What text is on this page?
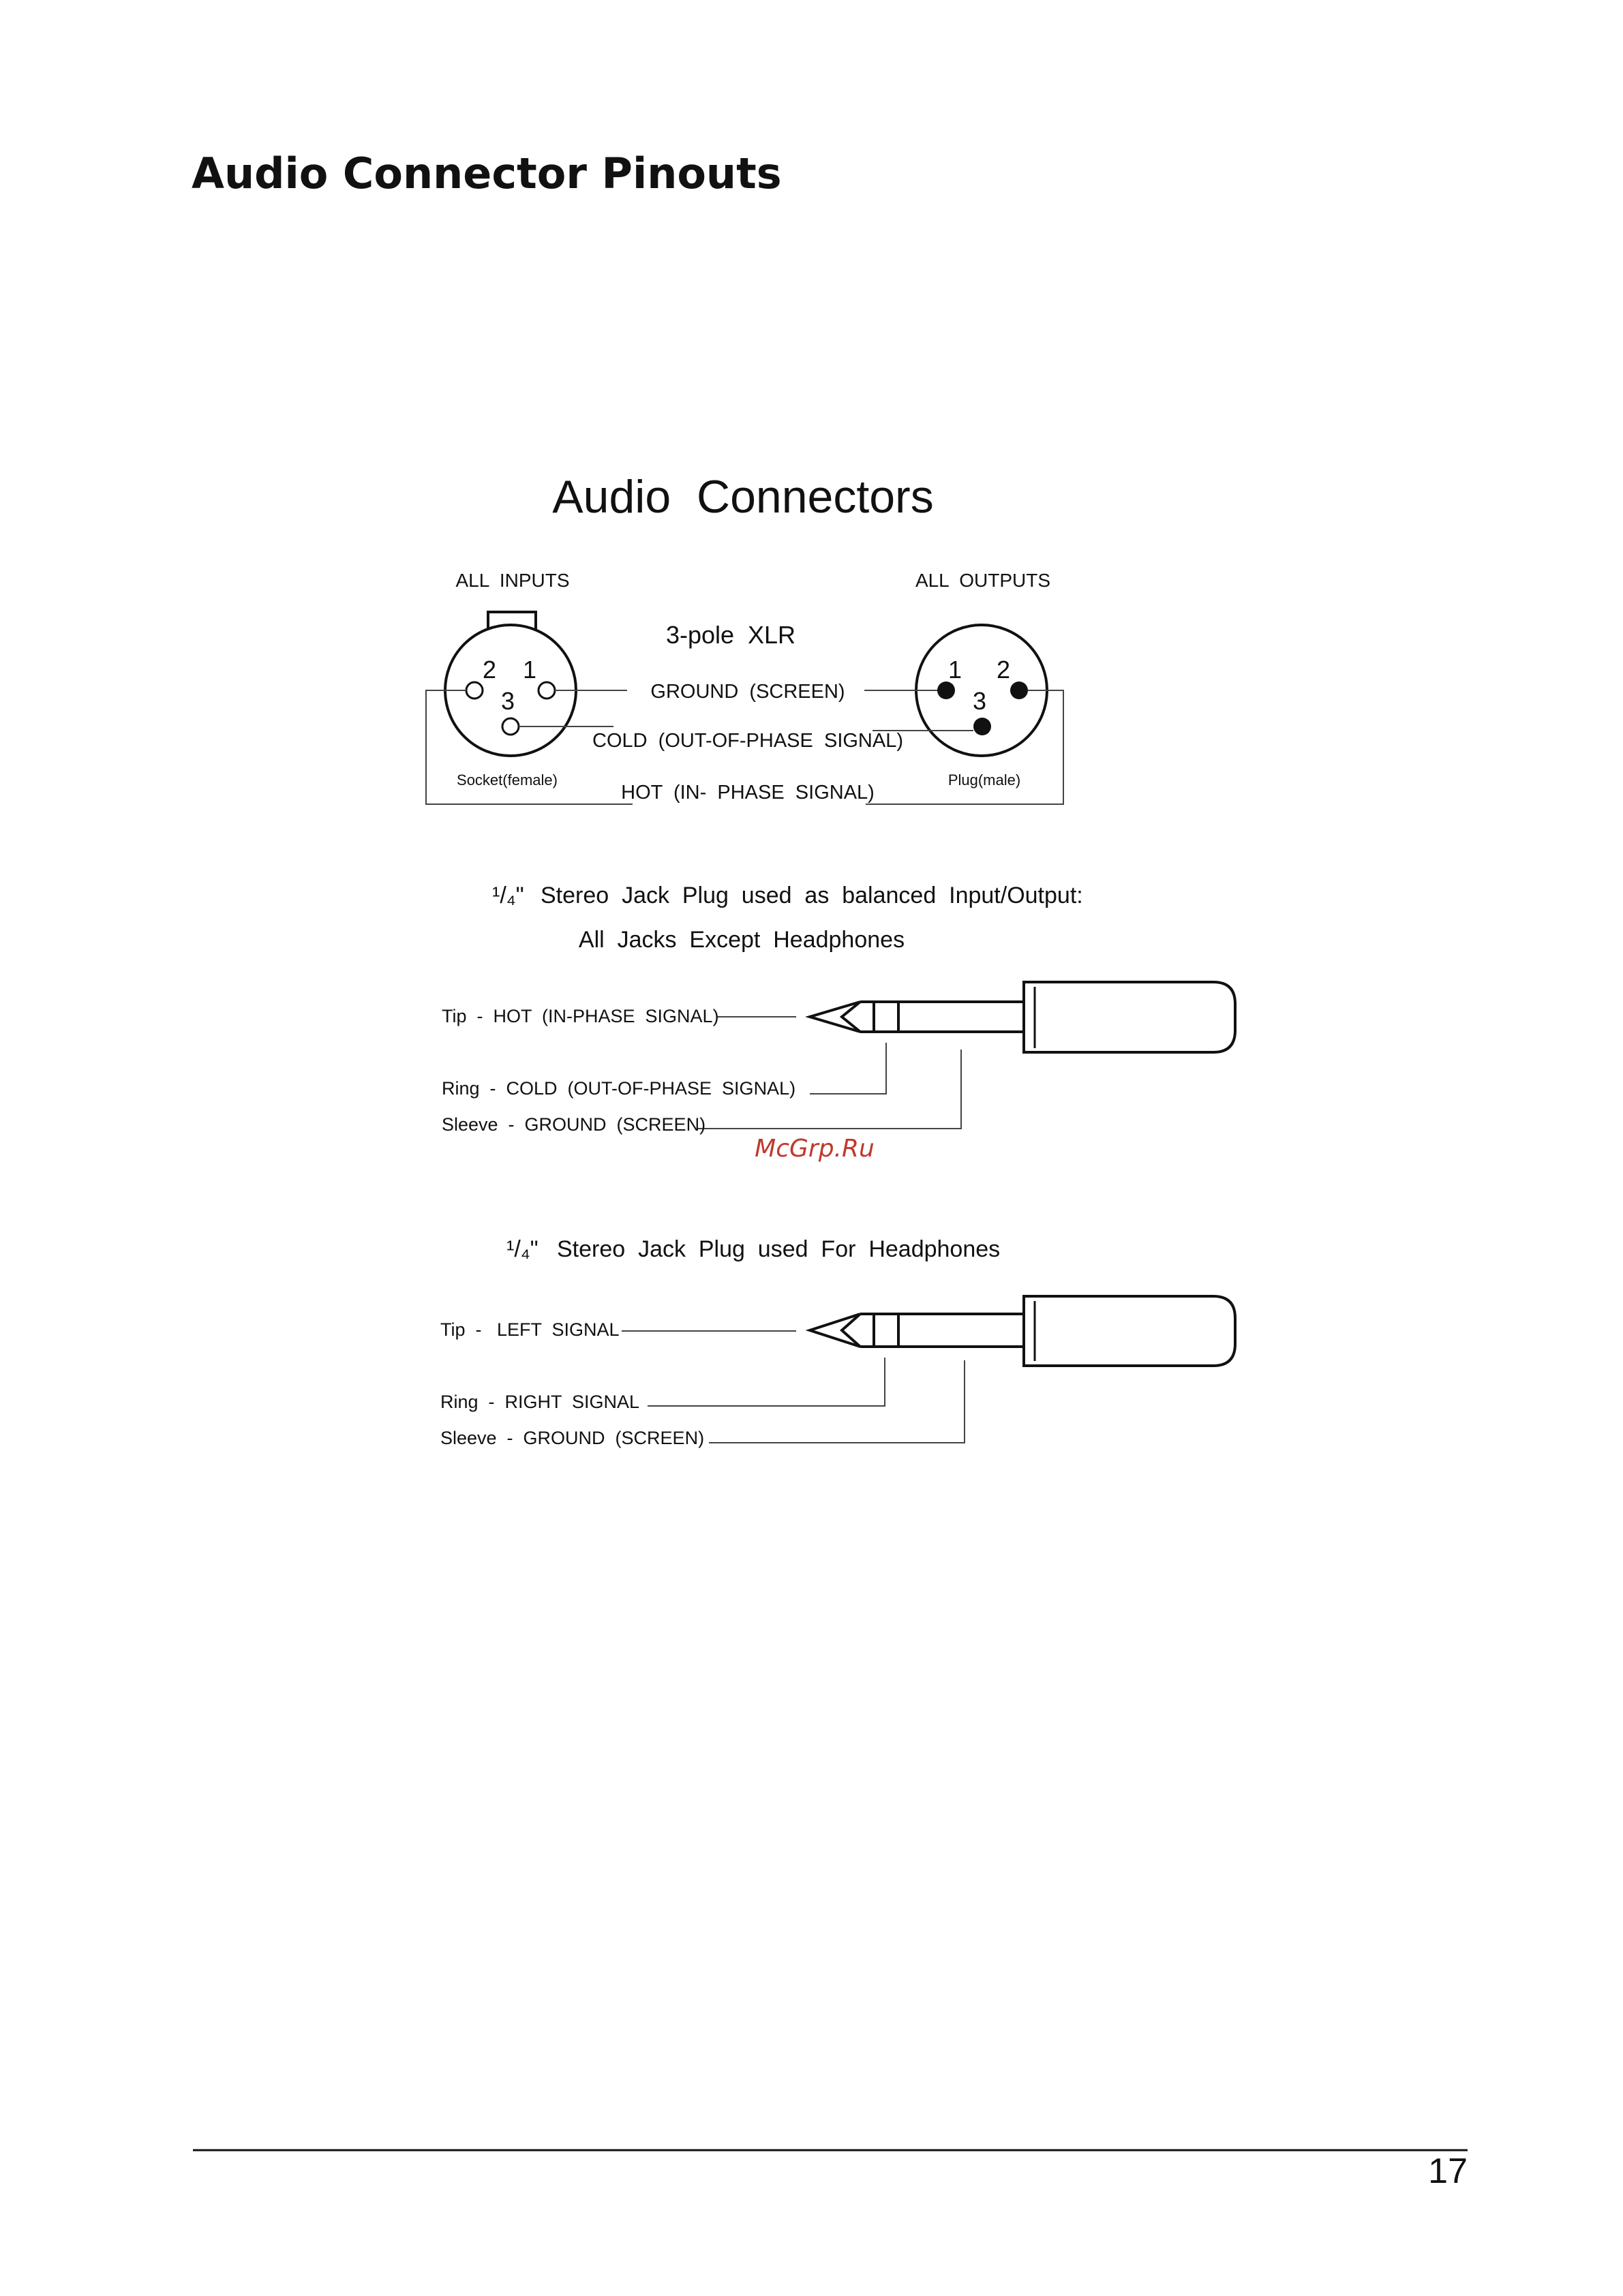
Audio Connector Pinouts
Audio  Connectors
ALL  INPUTS	ALL  OUTPUTS
3-pole  XLR
2 1
3
Socket(female)
1 2
3
Plug(male)
GROUND  (SCREEN)
COLD  (OUT-OF-PHASE  SIGNAL)
HOT  (IN-  PHASE  SIGNAL)
¹/₄" Stereo  Jack  Plug  used  as  balanced  Input/Output:
All  Jacks  Except  Headphones
Tip  -  HOT  (IN-PHASE  SIGNAL)
Ring  -  COLD  (OUT-OF-PHASE  SIGNAL)
Sleeve  -  GROUND  (SCREEN)
McGrp.Ru
¹/₄" Stereo  Jack  Plug  used  For  Headphones
Tip  -   LEFT  SIGNAL
Ring  -  RIGHT  SIGNAL
Sleeve  -  GROUND  (SCREEN)
17
